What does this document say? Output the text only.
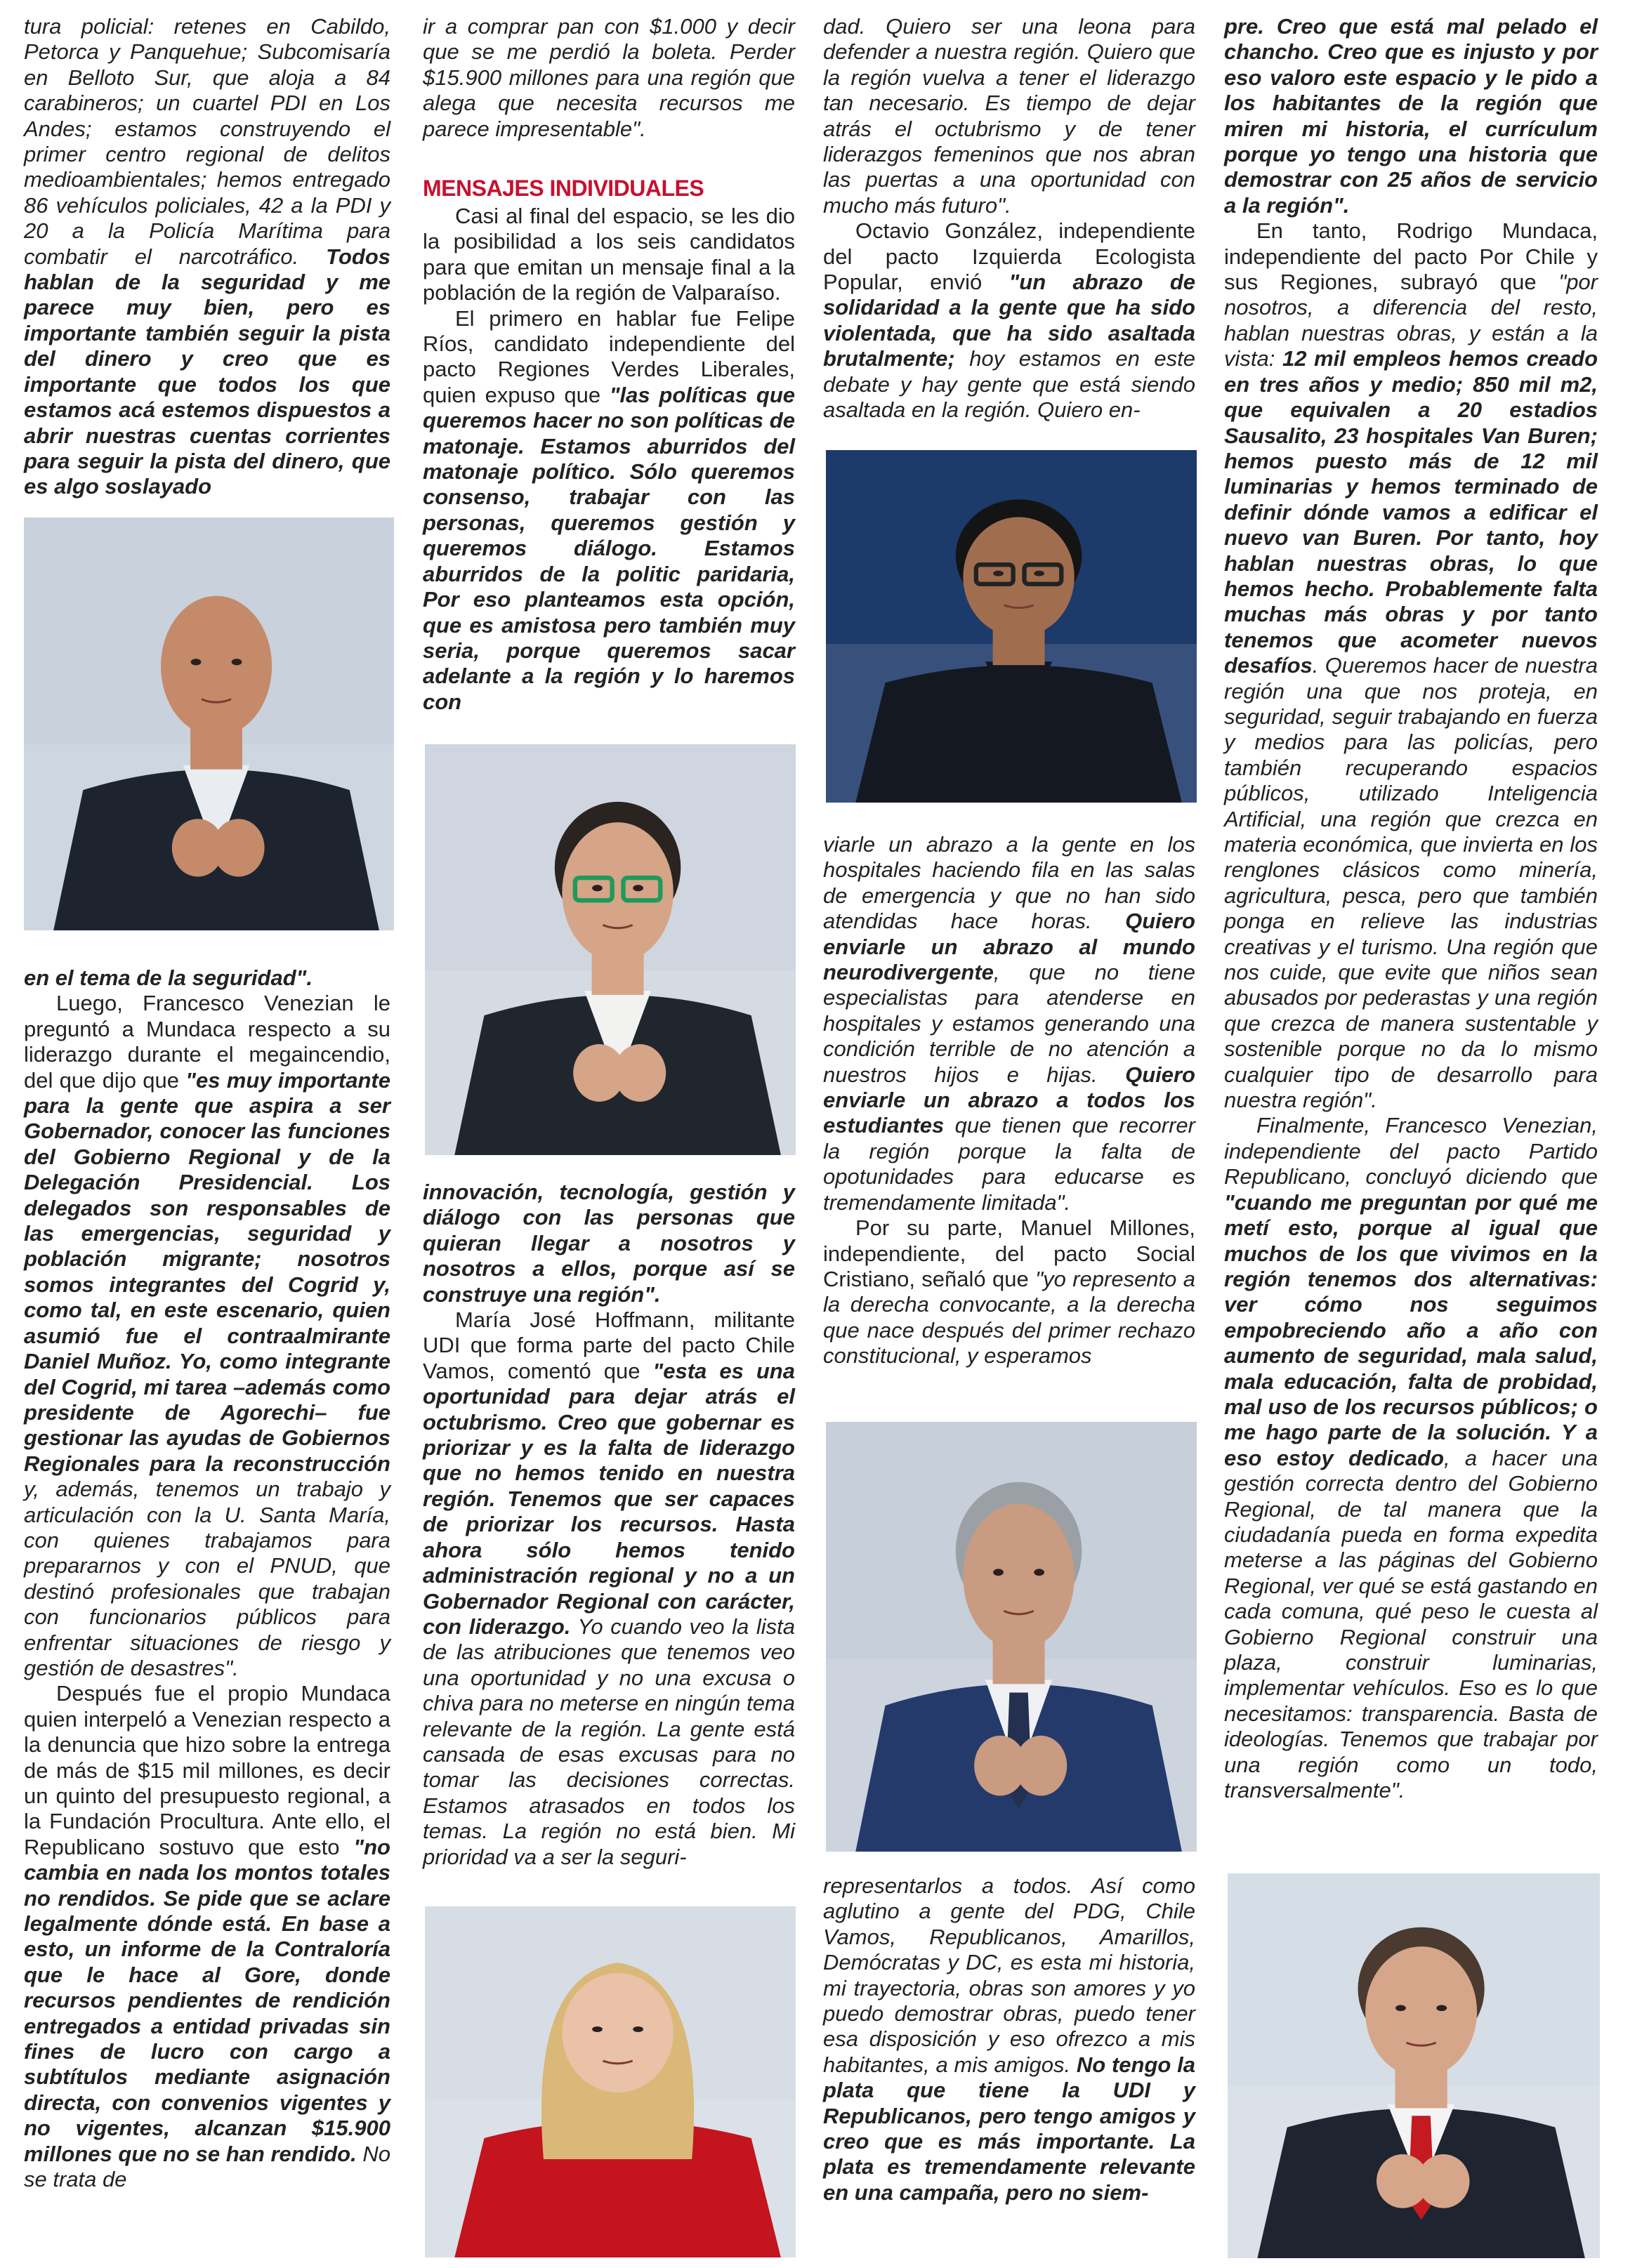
tura policial: retenes en Cabildo, Petorca y Panquehue; Subcomisaría en Belloto Sur, que aloja a 84 carabineros; un cuartel PDI en Los Andes; estamos construyendo el primer centro regional de delitos medioambientales; hemos entregado 86 vehículos policiales, 42 a la PDI y 20 a la Policía Marítima para combatir el narcotráfico. Todos hablan de la seguridad y me parece muy bien, pero es importante también seguir la pista del dinero y creo que es importante que todos los que estamos acá estemos dispuestos a abrir nuestras cuentas corrientes para seguir la pista del dinero, que es algo soslayado

en el tema de la seguridad".

Luego, Francesco Venezian le preguntó a Mundaca respecto a su liderazgo durante el megaincendio, del que dijo que "es muy importante para la gente que aspira a ser Gobernador, conocer las funciones del Gobierno Regional y de la Delegación Presidencial. Los delegados son responsables de las emergencias, seguridad y población migrante; nosotros somos integrantes del Cogrid y, como tal, en este escenario, quien asumió fue el contraalmirante Daniel Muñoz. Yo, como integrante del Cogrid, mi tarea –además como presidente de Agorechi– fue gestionar las ayudas de Gobiernos Regionales para la reconstrucción y, además, tenemos un trabajo y articulación con la U. Santa María, con quienes trabajamos para prepararnos y con el PNUD, que destinó profesionales que trabajan con funcionarios públicos para enfrentar situaciones de riesgo y gestión de desastres".

Después fue el propio Mundaca quien interpeló a Venezian respecto a la denuncia que hizo sobre la entrega de más de $15 mil millones, es decir un quinto del presupuesto regional, a la Fundación Procultura. Ante ello, el Republicano sostuvo que esto "no cambia en nada los montos totales no rendidos. Se pide que se aclare legalmente dónde está. En base a esto, un informe de la Contraloría que le hace al Gore, donde recursos pendientes de rendición entregados a entidad privadas sin fines de lucro con cargo a subtítulos mediante asignación directa, con convenios vigentes y no vigentes, alcanzan $15.900 millones que no se han rendido. No se trata de

ir a comprar pan con $1.000 y decir que se me perdió la boleta. Perder $15.900 millones para una región que alega que necesita recursos me parece impresentable".

MENSAJES INDIVIDUALES

Casi al final del espacio, se les dio la posibilidad a los seis candidatos para que emitan un mensaje final a la población de la región de Valparaíso.

El primero en hablar fue Felipe Ríos, candidato independiente del pacto Regiones Verdes Liberales, quien expuso que "las políticas que queremos hacer no son políticas de matonaje. Estamos aburridos del matonaje político. Sólo queremos consenso, trabajar con las personas, queremos gestión y queremos diálogo. Estamos aburridos de la politic paridaria, Por eso planteamos esta opción, que es amistosa pero también muy seria, porque queremos sacar adelante a la región y lo haremos con

innovación, tecnología, gestión y diálogo con las personas que quieran llegar a nosotros y nosotros a ellos, porque así se construye una región".

María José Hoffmann, militante UDI que forma parte del pacto Chile Vamos, comentó que "esta es una oportunidad para dejar atrás el octubrismo. Creo que gobernar es priorizar y es la falta de liderazgo que no hemos tenido en nuestra región. Tenemos que ser capaces de priorizar los recursos. Hasta ahora sólo hemos tenido administración regional y no a un Gobernador Regional con carácter, con liderazgo. Yo cuando veo la lista de las atribuciones que tenemos veo una oportunidad y no una excusa o chiva para no meterse en ningún tema relevante de la región. La gente está cansada de esas excusas para no tomar las decisiones correctas. Estamos atrasados en todos los temas. La región no está bien. Mi prioridad va a ser la seguri-

dad. Quiero ser una leona para defender a nuestra región. Quiero que la región vuelva a tener el liderazgo tan necesario. Es tiempo de dejar atrás el octubrismo y de tener liderazgos femeninos que nos abran las puertas a una oportunidad con mucho más futuro".

Octavio González, independiente del pacto Izquierda Ecologista Popular, envió "un abrazo de solidaridad a la gente que ha sido violentada, que ha sido asaltada brutalmente; hoy estamos en este debate y hay gente que está siendo asaltada en la región. Quiero en-

viarle un abrazo a la gente en los hospitales haciendo fila en las salas de emergencia y que no han sido atendidas hace horas. Quiero enviarle un abrazo al mundo neurodivergente, que no tiene especialistas para atenderse en hospitales y estamos generando una condición terrible de no atención a nuestros hijos e hijas. Quiero enviarle un abrazo a todos los estudiantes que tienen que recorrer la región porque la falta de opotunidades para educarse es tremendamente limitada".

Por su parte, Manuel Millones, independiente, del pacto Social Cristiano, señaló que "yo represento a la derecha convocante, a la derecha que nace después del primer rechazo constitucional, y esperamos

representarlos a todos. Así como aglutino a gente del PDG, Chile Vamos, Republicanos, Amarillos, Demócratas y DC, es esta mi historia, mi trayectoria, obras son amores y yo puedo demostrar obras, puedo tener esa disposición y eso ofrezco a mis habitantes, a mis amigos. No tengo la plata que tiene la UDI y Republicanos, pero tengo amigos y creo que es más importante. La plata es tremendamente relevante en una campaña, pero no siem-

pre. Creo que está mal pelado el chancho. Creo que es injusto y por eso valoro este espacio y le pido a los habitantes de la región que miren mi historia, el currículum porque yo tengo una historia que demostrar con 25 años de servicio a la región".

En tanto, Rodrigo Mundaca, independiente del pacto Por Chile y sus Regiones, subrayó que "por nosotros, a diferencia del resto, hablan nuestras obras, y están a la vista: 12 mil empleos hemos creado en tres años y medio; 850 mil m2, que equivalen a 20 estadios Sausalito, 23 hospitales Van Buren; hemos puesto más de 12 mil luminarias y hemos terminado de definir dónde vamos a edificar el nuevo van Buren. Por tanto, hoy hablan nuestras obras, lo que hemos hecho. Probablemente falta muchas más obras y por tanto tenemos que acometer nuevos desafíos. Queremos hacer de nuestra región una que nos proteja, en seguridad, seguir trabajando en fuerza y medios para las policías, pero también recuperando espacios públicos, utilizado Inteligencia Artificial, una región que crezca en materia económica, que invierta en los renglones clásicos como minería, agricultura, pesca, pero que también ponga en relieve las industrias creativas y el turismo. Una región que nos cuide, que evite que niños sean abusados por pederastas y una región que crezca de manera sustentable y sostenible porque no da lo mismo cualquier tipo de desarrollo para nuestra región".

Finalmente, Francesco Venezian, independiente del pacto Partido Republicano, concluyó diciendo que "cuando me preguntan por qué me metí esto, porque al igual que muchos de los que vivimos en la región tenemos dos alternativas: ver cómo nos seguimos empobreciendo año a año con aumento de seguridad, mala salud, mala educación, falta de probidad, mal uso de los recursos públicos; o me hago parte de la solución. Y a eso estoy dedicado, a hacer una gestión correcta dentro del Gobierno Regional, de tal manera que la ciudadanía pueda en forma expedita meterse a las páginas del Gobierno Regional, ver qué se está gastando en cada comuna, qué peso le cuesta al Gobierno Regional construir una plaza, construir luminarias, implementar vehículos. Eso es lo que necesitamos: transparencia. Basta de ideologías. Tenemos que trabajar por una región como un todo, transversalmente".
